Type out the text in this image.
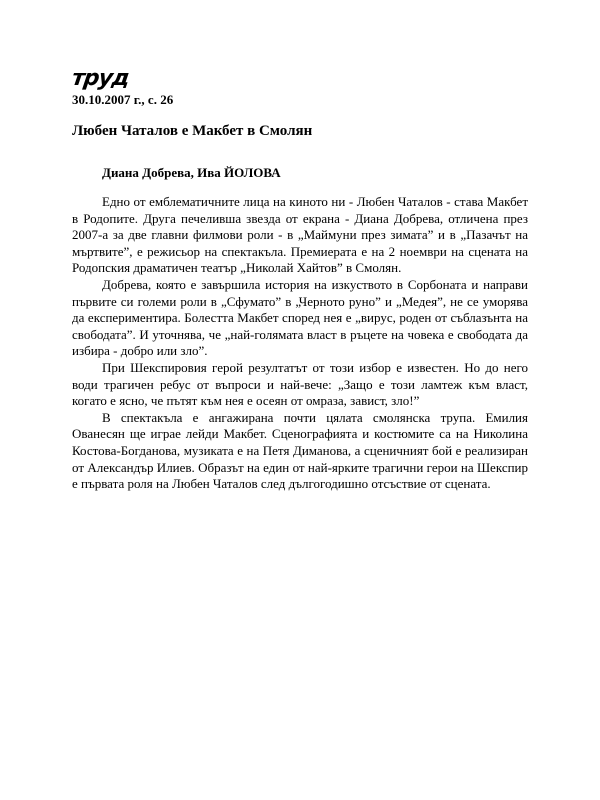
труд
30.10.2007 г., с. 26
Любен Чаталов е Макбет в Смолян
Диана Добрева, Ива ЙОЛОВА

Едно от емблематичните лица на киното ни - Любен Чаталов - става Макбет в Родопите. Друга печелившa звезда от екрана - Диана Добрева, отличена през 2007-а за две главни филмови роли - в „Маймуни през зимата” и в „Пазачът на мъртвите”, е режисьор на спектакъла. Премиерата е на 2 ноември на сцената на Родопския драматичен театър „Николай Хайтов” в Смолян.

Добрева, която е завършила история на изкуството в Сорбоната и направи първите си големи роли в „Сфумато” в „Черното руно” и „Медея”, не се уморява да експериментира. Болестта Макбет според нея е „вирус, роден от съблазънта на свободата”. И уточнява, че „най-голямата власт в ръцете на човека е свободата да избира - добро или зло”.

При Шекспировия герой резултатът от този избор е известен. Но до него води трагичен ребус от въпроси и най-вече: „Защо е този ламтеж към власт, когато е ясно, че пътят към нея е осеян от омраза, завист, зло!”

В спектакъла е ангажирана почти цялата смолянска трупа. Емилия Ованесян ще играе лейди Макбет. Сценографията и костюмите са на Николина Костова-Богданова, музиката е на Петя Диманова, а сценичният бой е реализиран от Александър Илиев. Образът на един от най-ярките трагични герои на Шекспир е първата роля на Любен Чаталов след дългогодишно отсъствие от сцената.
